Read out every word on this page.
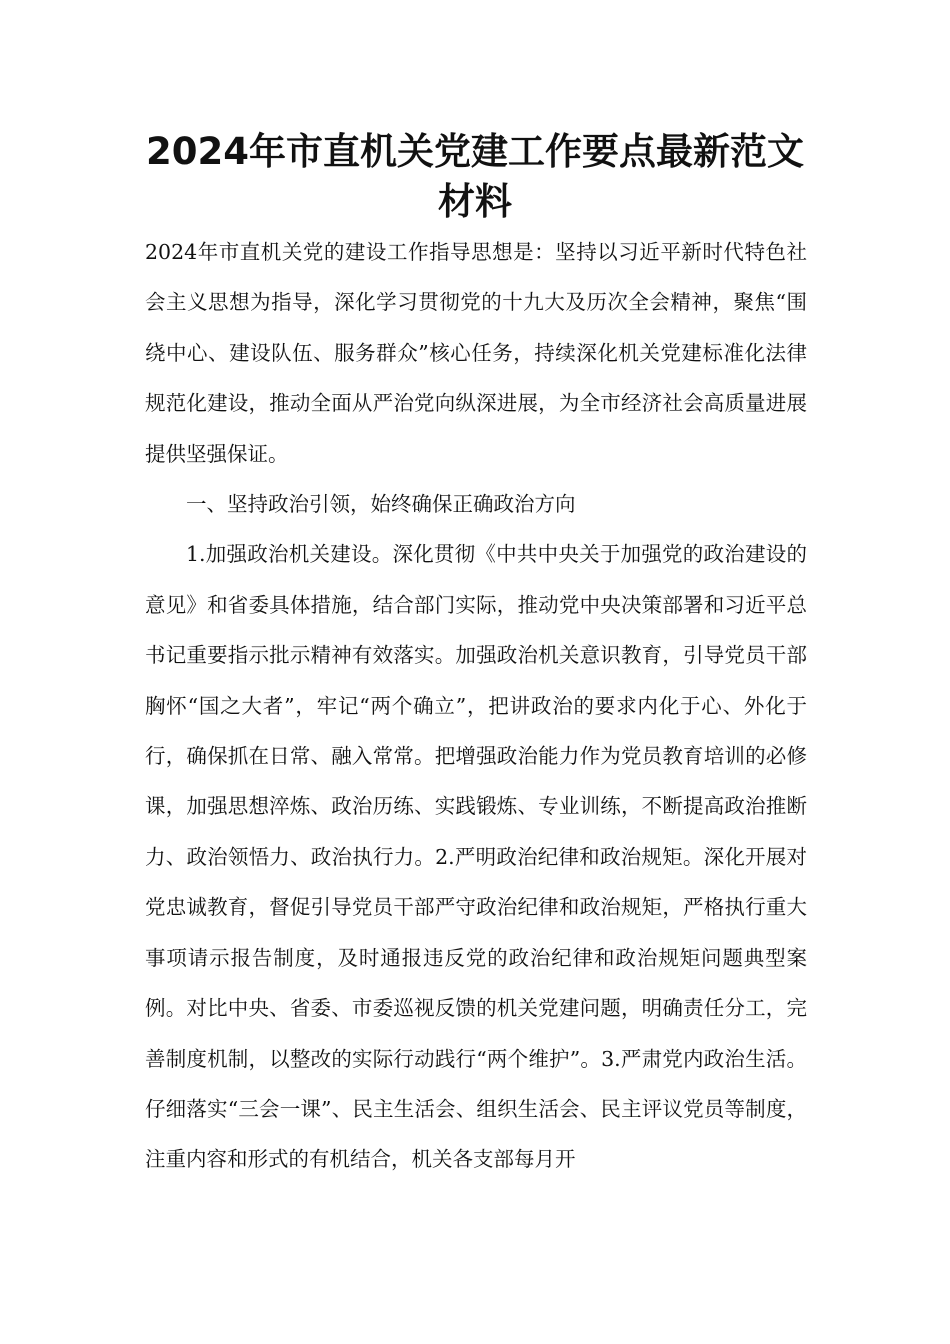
2024年市直机关党建工作要点最新范文
材料

2024年市直机关党的建设工作指导思想是：坚持以习近平新时代特色社会主义思想为指导，深化学习贯彻党的十九大及历次全会精神，聚焦“围绕中心、建设队伍、服务群众”核心任务，持续深化机关党建标准化法律规范化建设，推动全面从严治党向纵深进展，为全市经济社会高质量进展提供坚强保证。

一、坚持政治引领，始终确保正确政治方向

1.加强政治机关建设。深化贯彻《中共中央关于加强党的政治建设的意见》和省委具体措施，结合部门实际，推动党中央决策部署和习近平总书记重要指示批示精神有效落实。加强政治机关意识教育，引导党员干部胸怀“国之大者”，牢记“两个确立”，把讲政治的要求内化于心、外化于行，确保抓在日常、融入常常。把增强政治能力作为党员教育培训的必修课，加强思想淬炼、政治历练、实践锻炼、专业训练，不断提高政治推断力、政治领悟力、政治执行力。2.严明政治纪律和政治规矩。深化开展对党忠诚教育，督促引导党员干部严守政治纪律和政治规矩，严格执行重大事项请示报告制度，及时通报违反党的政治纪律和政治规矩问题典型案例。对比中央、省委、市委巡视反馈的机关党建问题，明确责任分工，完善制度机制，以整改的实际行动践行“两个维护”。3.严肃党内政治生活。仔细落实“三会一课”、民主生活会、组织生活会、民主评议党员等制度，注重内容和形式的有机结合，机关各支部每月开
